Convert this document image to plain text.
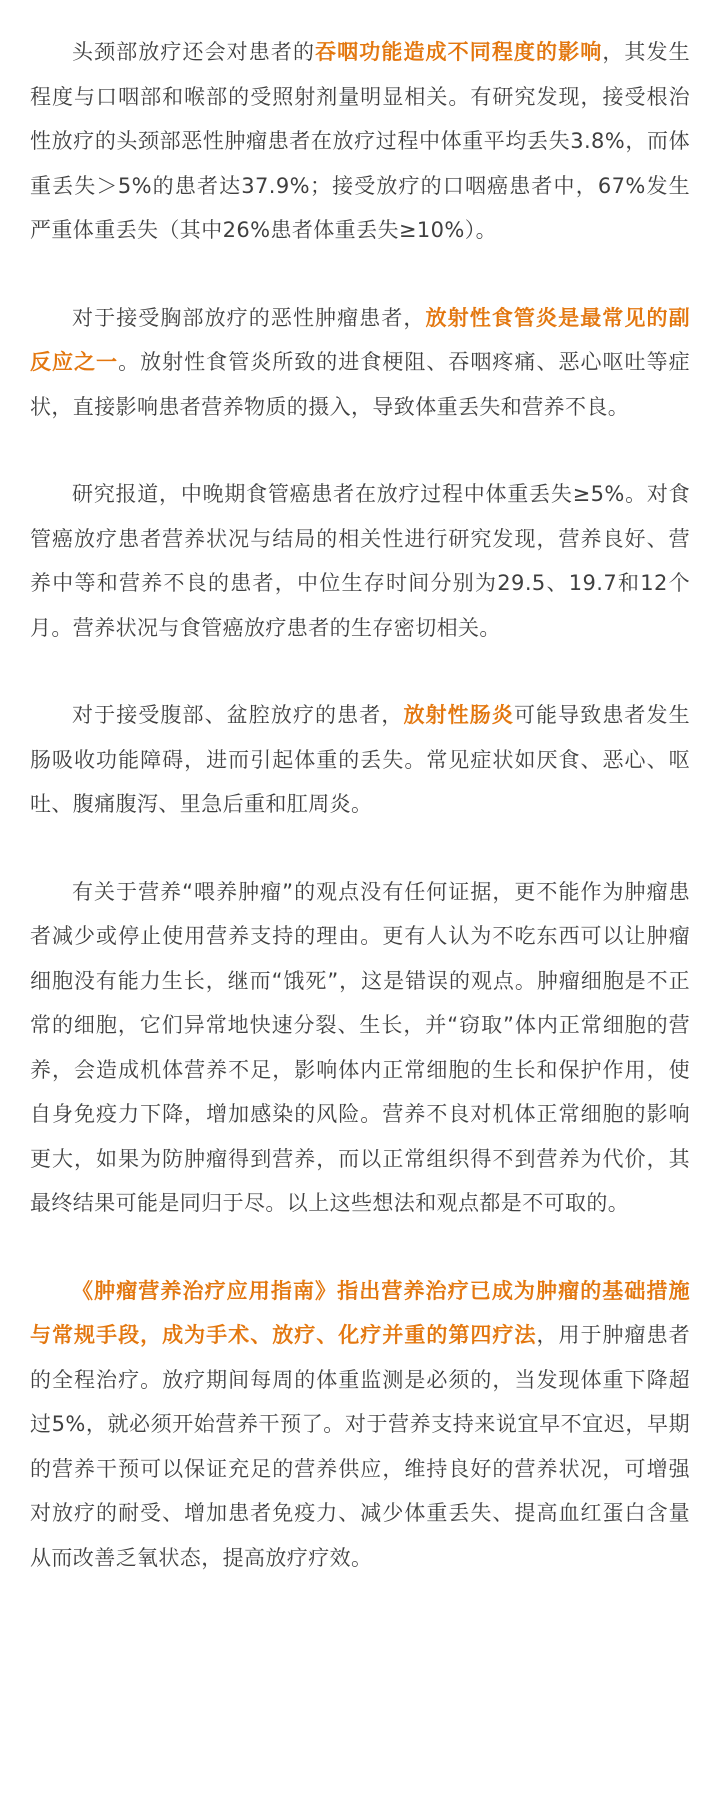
头颈部放疗还会对患者的吞咽功能造成不同程度的影响，其发生程度与口咽部和喉部的受照射剂量明显相关。有研究发现，接受根治性放疗的头颈部恶性肿瘤患者在放疗过程中体重平均丢失3.8%，而体重丢失＞5%的患者达37.9%；接受放疗的口咽癌患者中，67%发生严重体重丢失（其中26%患者体重丢失≥10%）。

对于接受胸部放疗的恶性肿瘤患者，放射性食管炎是最常见的副反应之一。放射性食管炎所致的进食梗阻、吞咽疼痛、恶心呕吐等症状，直接影响患者营养物质的摄入，导致体重丢失和营养不良。

研究报道，中晚期食管癌患者在放疗过程中体重丢失≥5%。对食管癌放疗患者营养状况与结局的相关性进行研究发现，营养良好、营养中等和营养不良的患者，中位生存时间分别为29.5、19.7和12个月。营养状况与食管癌放疗患者的生存密切相关。

对于接受腹部、盆腔放疗的患者，放射性肠炎可能导致患者发生肠吸收功能障碍，进而引起体重的丢失。常见症状如厌食、恶心、呕吐、腹痛腹泻、里急后重和肛周炎。

有关于营养“喂养肿瘤”的观点没有任何证据，更不能作为肿瘤患者减少或停止使用营养支持的理由。更有人认为不吃东西可以让肿瘤细胞没有能力生长，继而“饿死”，这是错误的观点。肿瘤细胞是不正常的细胞，它们异常地快速分裂、生长，并“窃取”体内正常细胞的营养，会造成机体营养不足，影响体内正常细胞的生长和保护作用，使自身免疫力下降，增加感染的风险。营养不良对机体正常细胞的影响更大，如果为防肿瘤得到营养，而以正常组织得不到营养为代价，其最终结果可能是同归于尽。以上这些想法和观点都是不可取的。

《肿瘤营养治疗应用指南》指出营养治疗已成为肿瘤的基础措施与常规手段，成为手术、放疗、化疗并重的第四疗法，用于肿瘤患者的全程治疗。放疗期间每周的体重监测是必须的，当发现体重下降超过5%，就必须开始营养干预了。对于营养支持来说宜早不宜迟，早期的营养干预可以保证充足的营养供应，维持良好的营养状况，可增强对放疗的耐受、增加患者免疫力、减少体重丢失、提高血红蛋白含量从而改善乏氧状态，提高放疗疗效。
